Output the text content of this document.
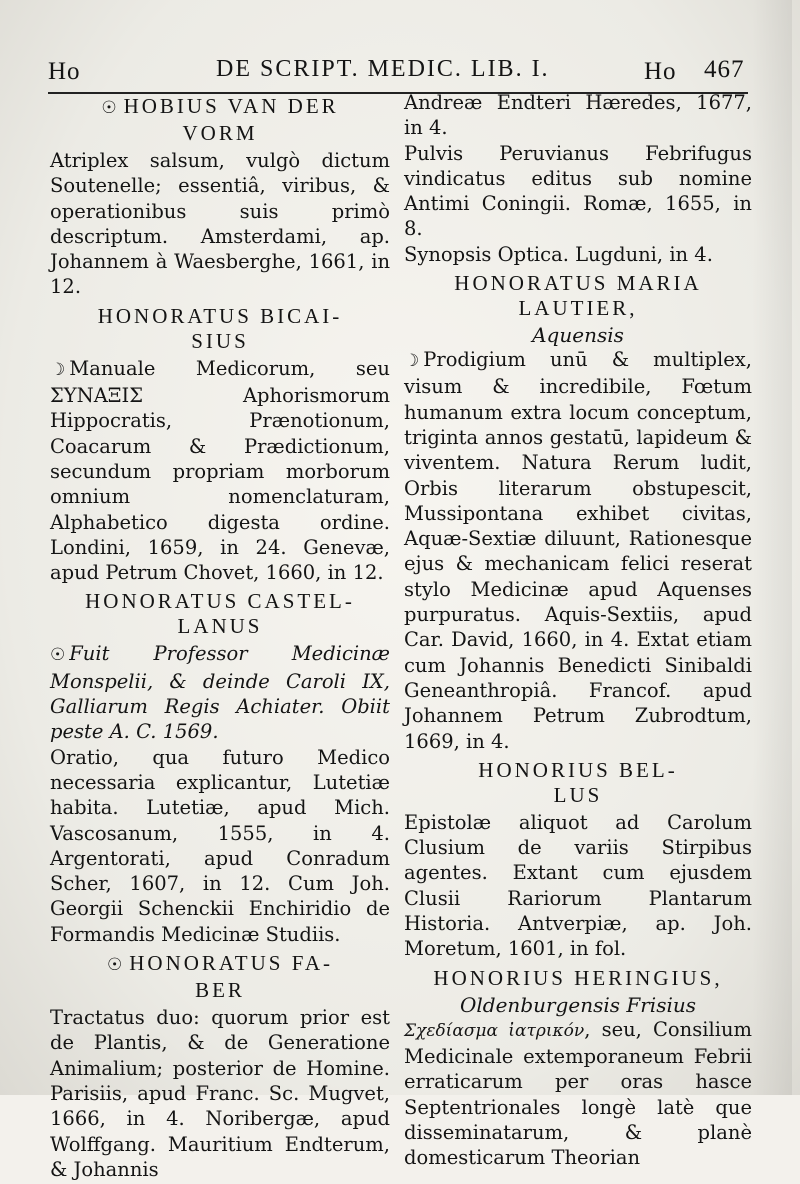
Ho	DE SCRIPT. MEDIC. LIB. I.	Ho 467
☉ HOBIUS VAN DER
VORM

Atriplex salsum, vulgò dictum Soutenelle; essentiâ, viribus, & operationibus suis primò descriptum. Amsterdami, ap. Johannem à Waesberghe, 1661, in 12.

HONORATUS BICAI-
SIUS

☽ Manuale Medicorum, seu ΣΥΝΑΞΙΣ Aphorismorum Hippocratis, Prænotionum, Coacarum & Prædictionum, secundum propriam morborum omnium nomenclaturam, Alphabetico digesta ordine. Londini, 1659, in 24. Genevæ, apud Petrum Chovet, 1660, in 12.

HONORATUS CASTEL-
LANUS

☉ Fuit Professor Medicinæ Monspelii, & deinde Caroli IX, Galliarum Regis Achiater. Obiit peste A. C. 1569.

Oratio, qua futuro Medico necessaria explicantur, Lutetiæ habita. Lutetiæ, apud Mich. Vascosanum, 1555, in 4. Argentorati, apud Conradum Scher, 1607, in 12. Cum Joh. Georgii Schenckii Enchiridio de Formandis Medicinæ Studiis.

☉ HONORATUS FA-
BER

Tractatus duo: quorum prior est de Plantis, & de Generatione Animalium; posterior de Homine. Parisiis, apud Franc. Sc. Mugvet, 1666, in 4. Noribergæ, apud Wolffgang. Mauritium Endterum, & Johannis

Andreæ Endteri Hæredes, 1677, in 4.

Pulvis Peruvianus Febrifugus vindicatus editus sub nomine Antimi Coningii. Romæ, 1655, in 8.

Synopsis Optica. Lugduni, in 4.

HONORATUS MARIA
LAUTIER,
Aquensis

☽ Prodigium unū & multiplex, visum & incredibile, Fœtum humanum extra locum conceptum, triginta annos gestatū, lapideum & viventem. Natura Rerum ludit, Orbis literarum obstupescit, Mussipontana exhibet civitas, Aquæ-Sextiæ diluunt, Rationesque ejus & mechanicam felici reserat stylo Medicinæ apud Aquenses purpuratus. Aquis-Sextiis, apud Car. David, 1660, in 4. Extat etiam cum Johannis Benedicti Sinibaldi Geneanthropiâ. Francof. apud Johannem Petrum Zubrodtum, 1669, in 4.

HONORIUS BEL-
LUS

Epistolæ aliquot ad Carolum Clusium de variis Stirpibus agentes. Extant cum ejusdem Clusii Rariorum Plantarum Historia. Antverpiæ, ap. Joh. Moretum, 1601, in fol.

HONORIUS HERINGIUS,
Oldenburgensis Frisius

Σχεδίασμα ἰατρικόν, seu, Consilium Medicinale extemporaneum Febrii erraticarum per oras hasce Septentrionales longè latè que disseminatarum, & planè domesticarum Theorian
